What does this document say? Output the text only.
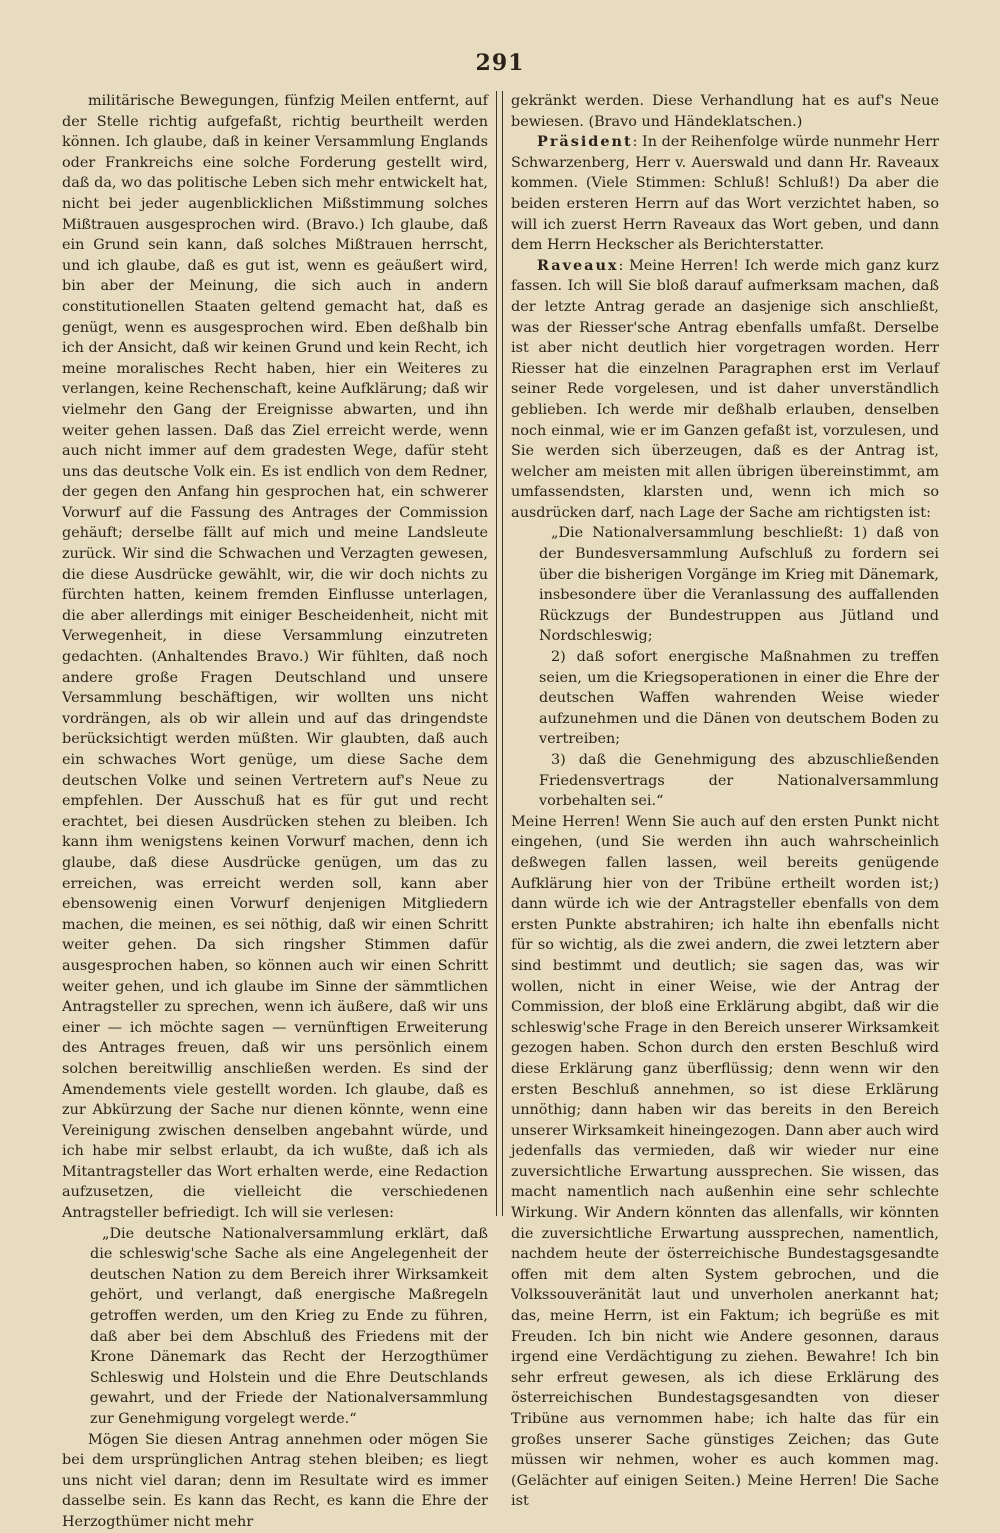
291

militärische Bewegungen, fünfzig Meilen entfernt, auf der Stelle richtig aufgefaßt, richtig beurtheilt werden können. Ich glaube, daß in keiner Versammlung Englands oder Frankreichs eine solche Forderung gestellt wird, daß da, wo das politische Leben sich mehr entwickelt hat, nicht bei jeder augenblicklichen Mißstimmung solches Mißtrauen ausgesprochen wird. (Bravo.) Ich glaube, daß ein Grund sein kann, daß solches Mißtrauen herrscht, und ich glaube, daß es gut ist, wenn es geäußert wird, bin aber der Meinung, die sich auch in andern constitutionellen Staaten geltend gemacht hat, daß es genügt, wenn es ausgesprochen wird. Eben deßhalb bin ich der Ansicht, daß wir keinen Grund und kein Recht, ich meine moralisches Recht haben, hier ein Weiteres zu verlangen, keine Rechenschaft, keine Aufklärung; daß wir vielmehr den Gang der Ereignisse abwarten, und ihn weiter gehen lassen. Daß das Ziel erreicht werde, wenn auch nicht immer auf dem gradesten Wege, dafür steht uns das deutsche Volk ein. Es ist endlich von dem Redner, der gegen den Anfang hin gesprochen hat, ein schwerer Vorwurf auf die Fassung des Antrages der Commission gehäuft; derselbe fällt auf mich und meine Landsleute zurück. Wir sind die Schwachen und Verzagten gewesen, die diese Ausdrücke gewählt, wir, die wir doch nichts zu fürchten hatten, keinem fremden Einflusse unterlagen, die aber allerdings mit einiger Bescheidenheit, nicht mit Verwegenheit, in diese Versammlung einzutreten gedachten. (Anhaltendes Bravo.) Wir fühlten, daß noch andere große Fragen Deutschland und unsere Versammlung beschäftigen, wir wollten uns nicht vordrängen, als ob wir allein und auf das dringendste berücksichtigt werden müßten. Wir glaubten, daß auch ein schwaches Wort genüge, um diese Sache dem deutschen Volke und seinen Vertretern auf's Neue zu empfehlen. Der Ausschuß hat es für gut und recht erachtet, bei diesen Ausdrücken stehen zu bleiben. Ich kann ihm wenigstens keinen Vorwurf machen, denn ich glaube, daß diese Ausdrücke genügen, um das zu erreichen, was erreicht werden soll, kann aber ebensowenig einen Vorwurf denjenigen Mitgliedern machen, die meinen, es sei nöthig, daß wir einen Schritt weiter gehen. Da sich ringsher Stimmen dafür ausgesprochen haben, so können auch wir einen Schritt weiter gehen, und ich glaube im Sinne der sämmtlichen Antragsteller zu sprechen, wenn ich äußere, daß wir uns einer — ich möchte sagen — vernünftigen Erweiterung des Antrages freuen, daß wir uns persönlich einem solchen bereitwillig anschließen werden. Es sind der Amendements viele gestellt worden. Ich glaube, daß es zur Abkürzung der Sache nur dienen könnte, wenn eine Vereinigung zwischen denselben angebahnt würde, und ich habe mir selbst erlaubt, da ich wußte, daß ich als Mitantragsteller das Wort erhalten werde, eine Redaction aufzusetzen, die vielleicht die verschiedenen Antragsteller befriedigt. Ich will sie verlesen:

„Die deutsche Nationalversammlung erklärt, daß die schleswig'sche Sache als eine Angelegenheit der deutschen Nation zu dem Bereich ihrer Wirksamkeit gehört, und verlangt, daß energische Maßregeln getroffen werden, um den Krieg zu Ende zu führen, daß aber bei dem Abschluß des Friedens mit der Krone Dänemark das Recht der Herzogthümer Schleswig und Holstein und die Ehre Deutschlands gewahrt, und der Friede der Nationalversammlung zur Genehmigung vorgelegt werde.“

Mögen Sie diesen Antrag annehmen oder mögen Sie bei dem ursprünglichen Antrag stehen bleiben; es liegt uns nicht viel daran; denn im Resultate wird es immer dasselbe sein. Es kann das Recht, es kann die Ehre der Herzogthümer nicht mehr

gekränkt werden. Diese Verhandlung hat es auf's Neue bewiesen. (Bravo und Händeklatschen.)

Präsident: In der Reihenfolge würde nunmehr Herr Schwarzenberg, Herr v. Auerswald und dann Hr. Raveaux kommen. (Viele Stimmen: Schluß! Schluß!) Da aber die beiden ersteren Herrn auf das Wort verzichtet haben, so will ich zuerst Herrn Raveaux das Wort geben, und dann dem Herrn Heckscher als Berichterstatter.

Raveaux: Meine Herren! Ich werde mich ganz kurz fassen. Ich will Sie bloß darauf aufmerksam machen, daß der letzte Antrag gerade an dasjenige sich anschließt, was der Riesser'sche Antrag ebenfalls umfaßt. Derselbe ist aber nicht deutlich hier vorgetragen worden. Herr Riesser hat die einzelnen Paragraphen erst im Verlauf seiner Rede vorgelesen, und ist daher unverständlich geblieben. Ich werde mir deßhalb erlauben, denselben noch einmal, wie er im Ganzen gefaßt ist, vorzulesen, und Sie werden sich überzeugen, daß es der Antrag ist, welcher am meisten mit allen übrigen übereinstimmt, am umfassendsten, klarsten und, wenn ich mich so ausdrücken darf, nach Lage der Sache am richtigsten ist:

„Die Nationalversammlung beschließt: 1) daß von der Bundesversammlung Aufschluß zu fordern sei über die bisherigen Vorgänge im Krieg mit Dänemark, insbesondere über die Veranlassung des auffallenden Rückzugs der Bundestruppen aus Jütland und Nordschleswig;

2) daß sofort energische Maßnahmen zu treffen seien, um die Kriegsoperationen in einer die Ehre der deutschen Waffen wahrenden Weise wieder aufzunehmen und die Dänen von deutschem Boden zu vertreiben;

3) daß die Genehmigung des abzuschließenden Friedensvertrags der Nationalversammlung vorbehalten sei.“

Meine Herren! Wenn Sie auch auf den ersten Punkt nicht eingehen, (und Sie werden ihn auch wahrscheinlich deßwegen fallen lassen, weil bereits genügende Aufklärung hier von der Tribüne ertheilt worden ist;) dann würde ich wie der Antragsteller ebenfalls von dem ersten Punkte abstrahiren; ich halte ihn ebenfalls nicht für so wichtig, als die zwei andern, die zwei letztern aber sind bestimmt und deutlich; sie sagen das, was wir wollen, nicht in einer Weise, wie der Antrag der Commission, der bloß eine Erklärung abgibt, daß wir die schleswig'sche Frage in den Bereich unserer Wirksamkeit gezogen haben. Schon durch den ersten Beschluß wird diese Erklärung ganz überflüssig; denn wenn wir den ersten Beschluß annehmen, so ist diese Erklärung unnöthig; dann haben wir das bereits in den Bereich unserer Wirksamkeit hineingezogen. Dann aber auch wird jedenfalls das vermieden, daß wir wieder nur eine zuversichtliche Erwartung aussprechen. Sie wissen, das macht namentlich nach außenhin eine sehr schlechte Wirkung. Wir Andern könnten das allenfalls, wir könnten die zuversichtliche Erwartung aussprechen, namentlich, nachdem heute der österreichische Bundestagsgesandte offen mit dem alten System gebrochen, und die Volkssouveränität laut und unverholen anerkannt hat; das, meine Herrn, ist ein Faktum; ich begrüße es mit Freuden. Ich bin nicht wie Andere gesonnen, daraus irgend eine Verdächtigung zu ziehen. Bewahre! Ich bin sehr erfreut gewesen, als ich diese Erklärung des österreichischen Bundestagsgesandten von dieser Tribüne aus vernommen habe; ich halte das für ein großes unserer Sache günstiges Zeichen; das Gute müssen wir nehmen, woher es auch kommen mag. (Gelächter auf einigen Seiten.) Meine Herren! Die Sache ist
